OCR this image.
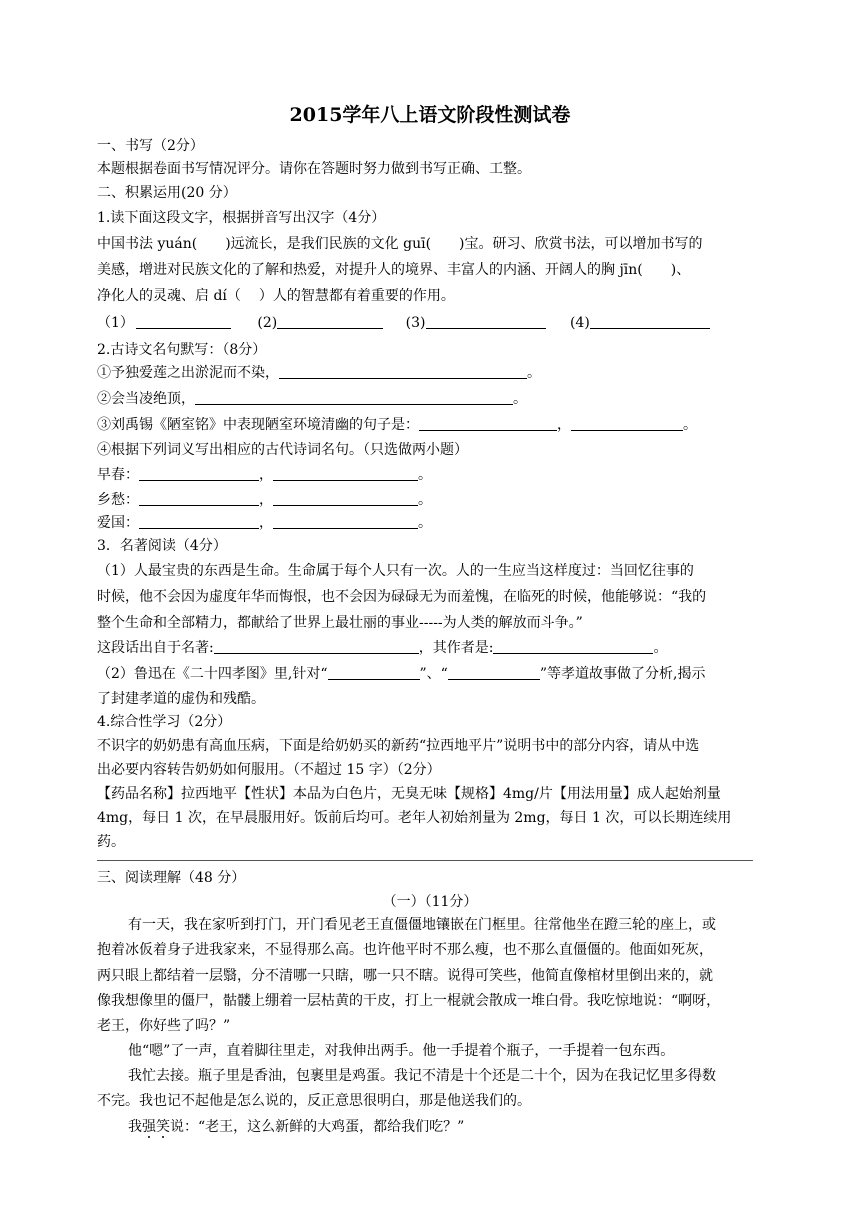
2015学年八上语文阶段性测试卷
一、书写（2分）
本题根据卷面书写情况评分。请你在答题时努力做到书写正确、工整。
二、积累运用(20 分）
1.读下面这段文字，根据拼音写出汉字（4分）
中国书法 yuán( )远流长，是我们民族的文化 guī( )宝。研习、欣赏书法，可以增加书写的
美感，增进对民族文化的了解和热爱，对提升人的境界、丰富人的内涵、开阔人的胸 jīn( )、
净化人的灵魂、启 dí（ ）人的智慧都有着重要的作用。
（1）	(2)	(3)	(4)
2.古诗文名句默写：（8分）
①予独爱莲之出淤泥而不染，	。
②会当凌绝顶，	。
③刘禹锡《陋室铭》中表现陋室环境清幽的句子是：	，	。
④根据下列词义写出相应的古代诗词名句。（只选做两小题）
早春：	，	。
乡愁：	，	。
爱国：	，	。
3．名著阅读（4分）
（1）人最宝贵的东西是生命。生命属于每个人只有一次。人的一生应当这样度过：当回忆往事的
时候，他不会因为虚度年华而悔恨，也不会因为碌碌无为而羞愧，在临死的时候，他能够说：“我的
整个生命和全部精力，都献给了世界上最壮丽的事业-----为人类的解放而斗争。”
这段话出自于名著:	，其作者是:	。
（2）鲁迅在《二十四孝图》里,针对“	”、“	”等孝道故事做了分析,揭示
了封建孝道的虚伪和残酷。
4.综合性学习（2分）
不识字的奶奶患有高血压病，下面是给奶奶买的新药“拉西地平片”说明书中的部分内容，请从中选
出必要内容转告奶奶如何服用。（不超过 15 字）（2分）
【药品名称】拉西地平【性状】本品为白色片，无臭无味【规格】4mg/片【用法用量】成人起始剂量
4mg，每日 1 次，在早晨服用好。饭前后均可。老年人初始剂量为 2mg，每日 1 次，可以长期连续用
药。
三、阅读理解（48 分）
（一）（11分）
有一天，我在家听到打门，开门看见老王直僵僵地镶嵌在门框里。往常他坐在蹬三轮的座上，或
抱着冰仮着身子进我家来，不显得那么高。也许他平时不那么瘦，也不那么直僵僵的。他面如死灰，
两只眼上都结着一层翳，分不清哪一只瞎，哪一只不瞎。说得可笑些，他简直像棺材里倒出来的，就
像我想像里的僵尸，骷髅上绷着一层枯黄的干皮，打上一棍就会散成一堆白骨。我吃惊地说：“啊呀，
老王，你好些了吗？”
他“嗯”了一声，直着脚往里走，对我伸出两手。他一手提着个瓶子，一手提着一包东西。
我忙去接。瓶子里是香油，包裹里是鸡蛋。我记不清是十个还是二十个，因为在我记忆里多得数
不完。我也记不起他是怎么说的，反正意思很明白，那是他送我们的。
我强笑说：“老王，这么新鲜的大鸡蛋，都给我们吃？”
